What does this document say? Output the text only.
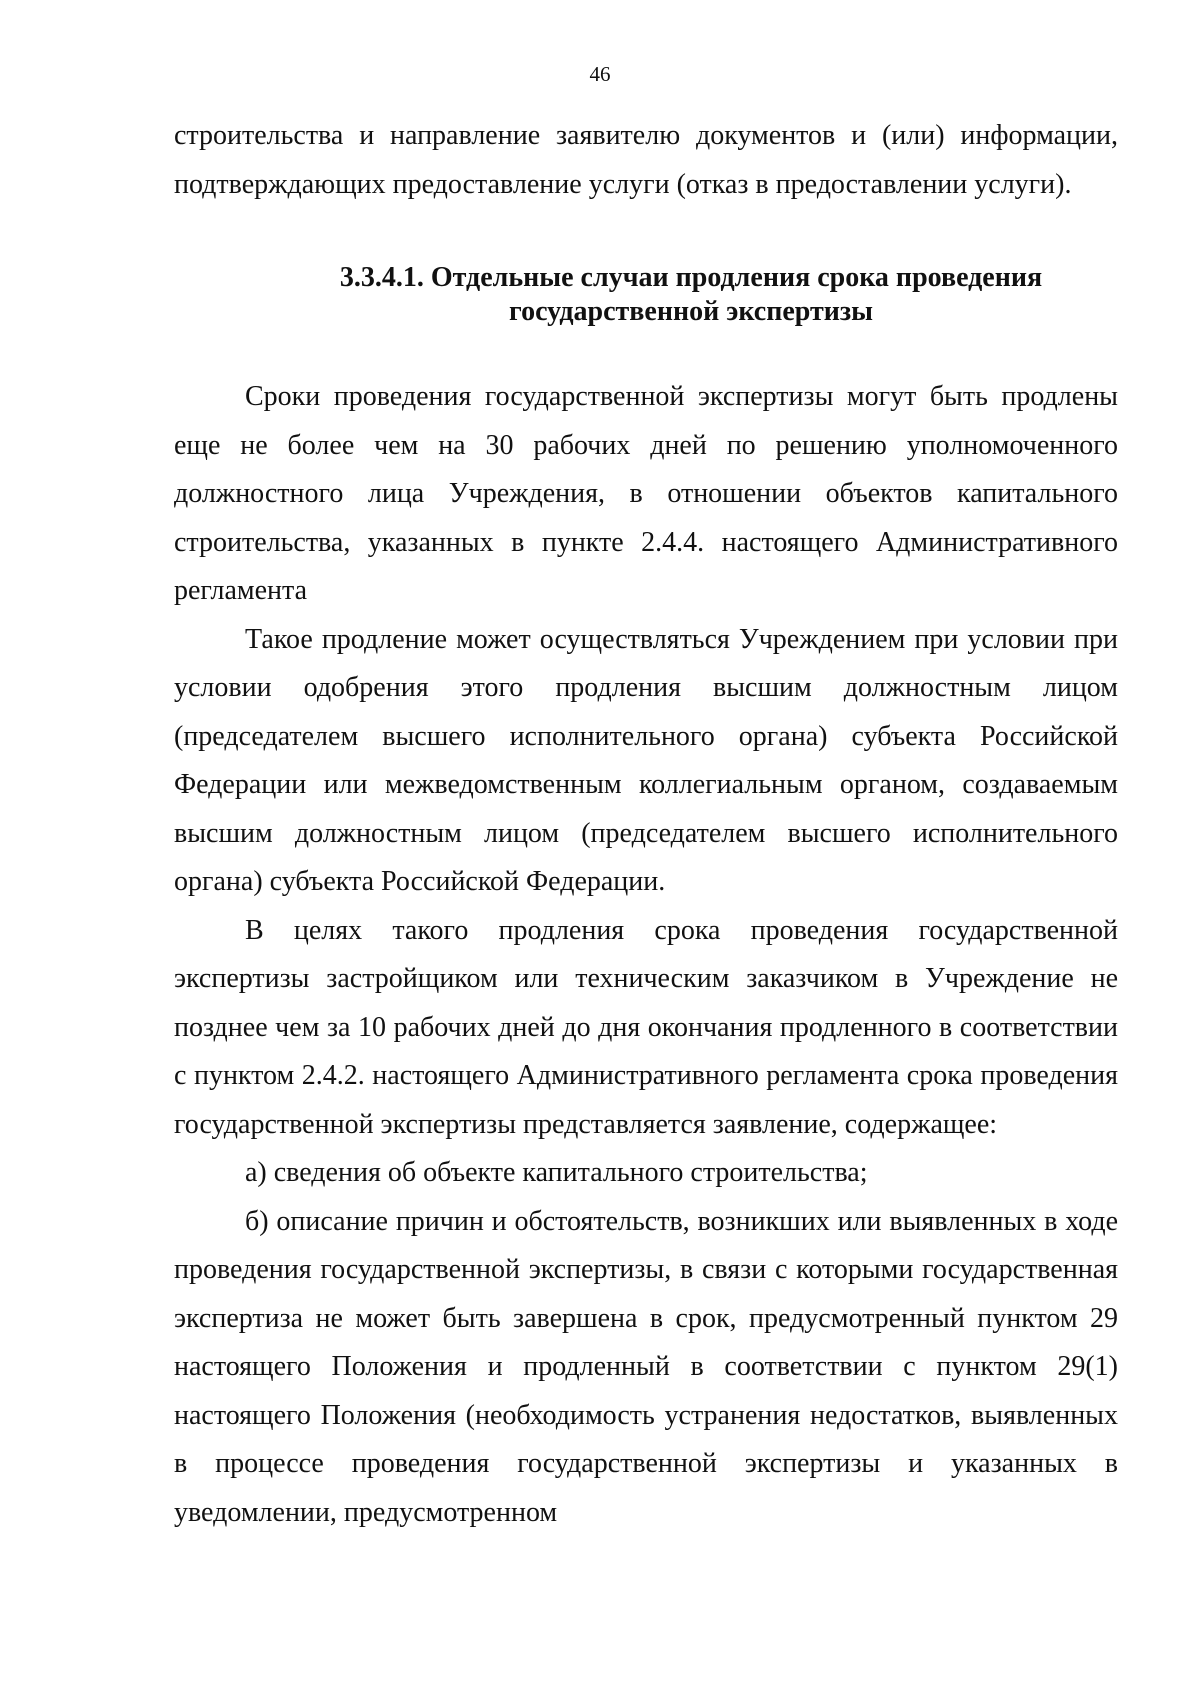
46

строительства и направление заявителю документов и (или) информации, подтверждающих предоставление услуги (отказ в предоставлении услуги).

3.3.4.1. Отдельные случаи продления срока проведения
государственной экспертизы

Сроки проведения государственной экспертизы могут быть продлены еще не более чем на 30 рабочих дней по решению уполномоченного должностного лица Учреждения, в отношении объектов капитального строительства, указанных в пункте 2.4.4. настоящего Административного регламента

Такое продление может осуществляться Учреждением при условии при условии одобрения этого продления высшим должностным лицом (председателем высшего исполнительного органа) субъекта Российской Федерации или межведомственным коллегиальным органом, создаваемым высшим должностным лицом (председателем высшего исполнительного органа) субъекта Российской Федерации.

В целях такого продления срока проведения государственной экспертизы застройщиком или техническим заказчиком в Учреждение не позднее чем за 10 рабочих дней до дня окончания продленного в соответствии с пунктом 2.4.2. настоящего Административного регламента срока проведения государственной экспертизы представляется заявление, содержащее:

а) сведения об объекте капитального строительства;

б) описание причин и обстоятельств, возникших или выявленных в ходе проведения государственной экспертизы, в связи с которыми государственная экспертиза не может быть завершена в срок, предусмотренный пунктом 29 настоящего Положения и продленный в соответствии с пунктом 29(1) настоящего Положения (необходимость устранения недостатков, выявленных в процессе проведения государственной экспертизы и указанных в уведомлении, предусмотренном
